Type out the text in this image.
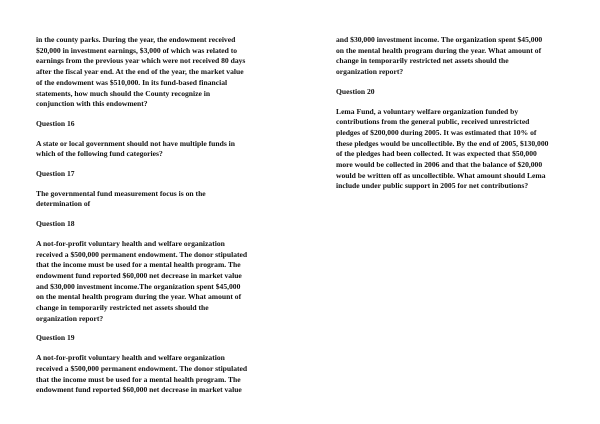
in the county parks. During the year, the endowment received
$20,000 in investment earnings, $3,000 of which was related to
earnings from the previous year which were not received 80 days
after the fiscal year end. At the end of the year, the market value
of the endowment was $510,000. In its fund-based financial
statements, how much should the County recognize in
conjunction with this endowment?

Question 16

A state or local government should not have multiple funds in
which of the following fund categories?

Question 17

The governmental fund measurement focus is on the
determination of

Question 18

A not-for-profit voluntary health and welfare organization
received a $500,000 permanent endowment. The donor stipulated
that the income must be used for a mental health program. The
endowment fund reported $60,000 net decrease in market value
and $30,000 investment income.The organization spent $45,000
on the mental health program during the year. What amount of
change in temporarily restricted net assets should the
organization report?

Question 19

A not-for-profit voluntary health and welfare organization
received a $500,000 permanent endowment. The donor stipulated
that the income must be used for a mental health program. The
endowment fund reported $60,000 net decrease in market value

and $30,000 investment income. The organization spent $45,000
on the mental health program during the year. What amount of
change in temporarily restricted net assets should the
organization report?

Question 20

Lema Fund, a voluntary welfare organization funded by
contributions from the general public, received unrestricted
pledges of $200,000 during 2005. It was estimated that 10% of
these pledges would be uncollectible. By the end of 2005, $130,000
of the pledges had been collected. It was expected that $50,000
more would be collected in 2006 and that the balance of $20,000
would be written off as uncollectible. What amount should Lema
include under public support in 2005 for net contributions?
